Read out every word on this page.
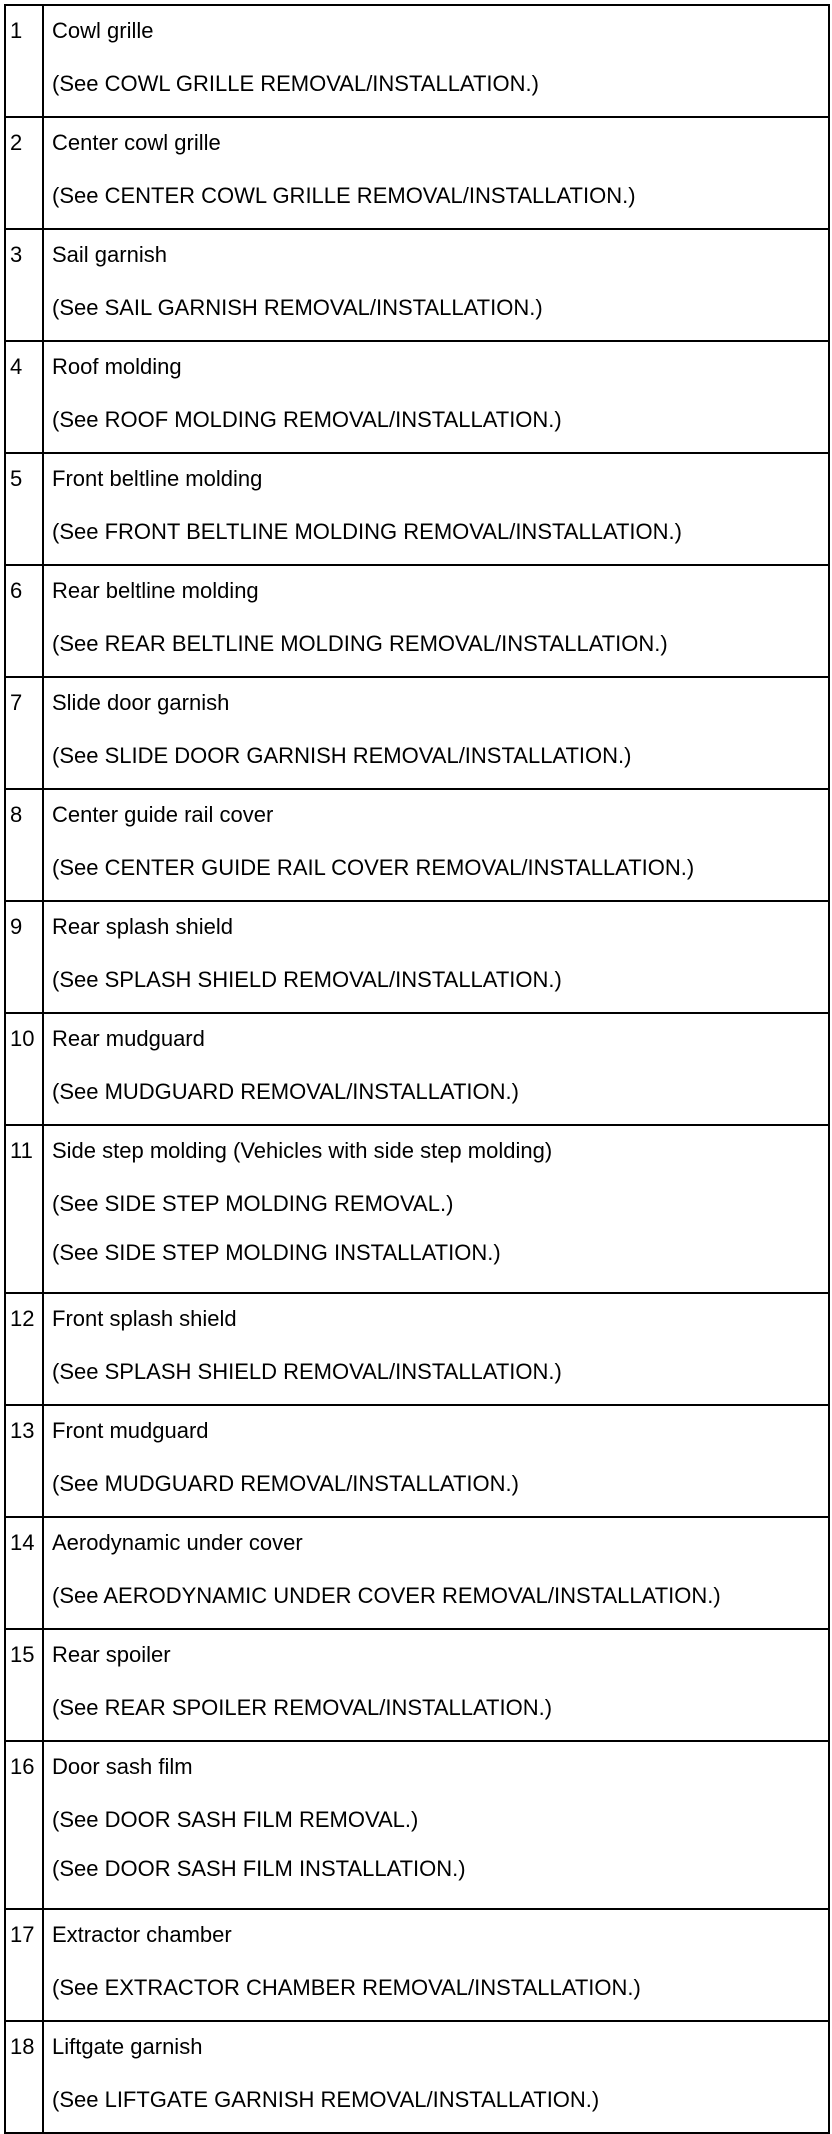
1	Cowl grille
(See COWL GRILLE REMOVAL/INSTALLATION.)

2	Center cowl grille
(See CENTER COWL GRILLE REMOVAL/INSTALLATION.)

3	Sail garnish
(See SAIL GARNISH REMOVAL/INSTALLATION.)

4	Roof molding
(See ROOF MOLDING REMOVAL/INSTALLATION.)

5	Front beltline molding
(See FRONT BELTLINE MOLDING REMOVAL/INSTALLATION.)

6	Rear beltline molding
(See REAR BELTLINE MOLDING REMOVAL/INSTALLATION.)

7	Slide door garnish
(See SLIDE DOOR GARNISH REMOVAL/INSTALLATION.)

8	Center guide rail cover
(See CENTER GUIDE RAIL COVER REMOVAL/INSTALLATION.)

9	Rear splash shield
(See SPLASH SHIELD REMOVAL/INSTALLATION.)

10	Rear mudguard
(See MUDGUARD REMOVAL/INSTALLATION.)

11	Side step molding (Vehicles with side step molding)
(See SIDE STEP MOLDING REMOVAL.)
(See SIDE STEP MOLDING INSTALLATION.)

12	Front splash shield
(See SPLASH SHIELD REMOVAL/INSTALLATION.)

13	Front mudguard
(See MUDGUARD REMOVAL/INSTALLATION.)

14	Aerodynamic under cover
(See AERODYNAMIC UNDER COVER REMOVAL/INSTALLATION.)

15	Rear spoiler
(See REAR SPOILER REMOVAL/INSTALLATION.)

16	Door sash film
(See DOOR SASH FILM REMOVAL.)
(See DOOR SASH FILM INSTALLATION.)

17	Extractor chamber
(See EXTRACTOR CHAMBER REMOVAL/INSTALLATION.)

18	Liftgate garnish
(See LIFTGATE GARNISH REMOVAL/INSTALLATION.)
